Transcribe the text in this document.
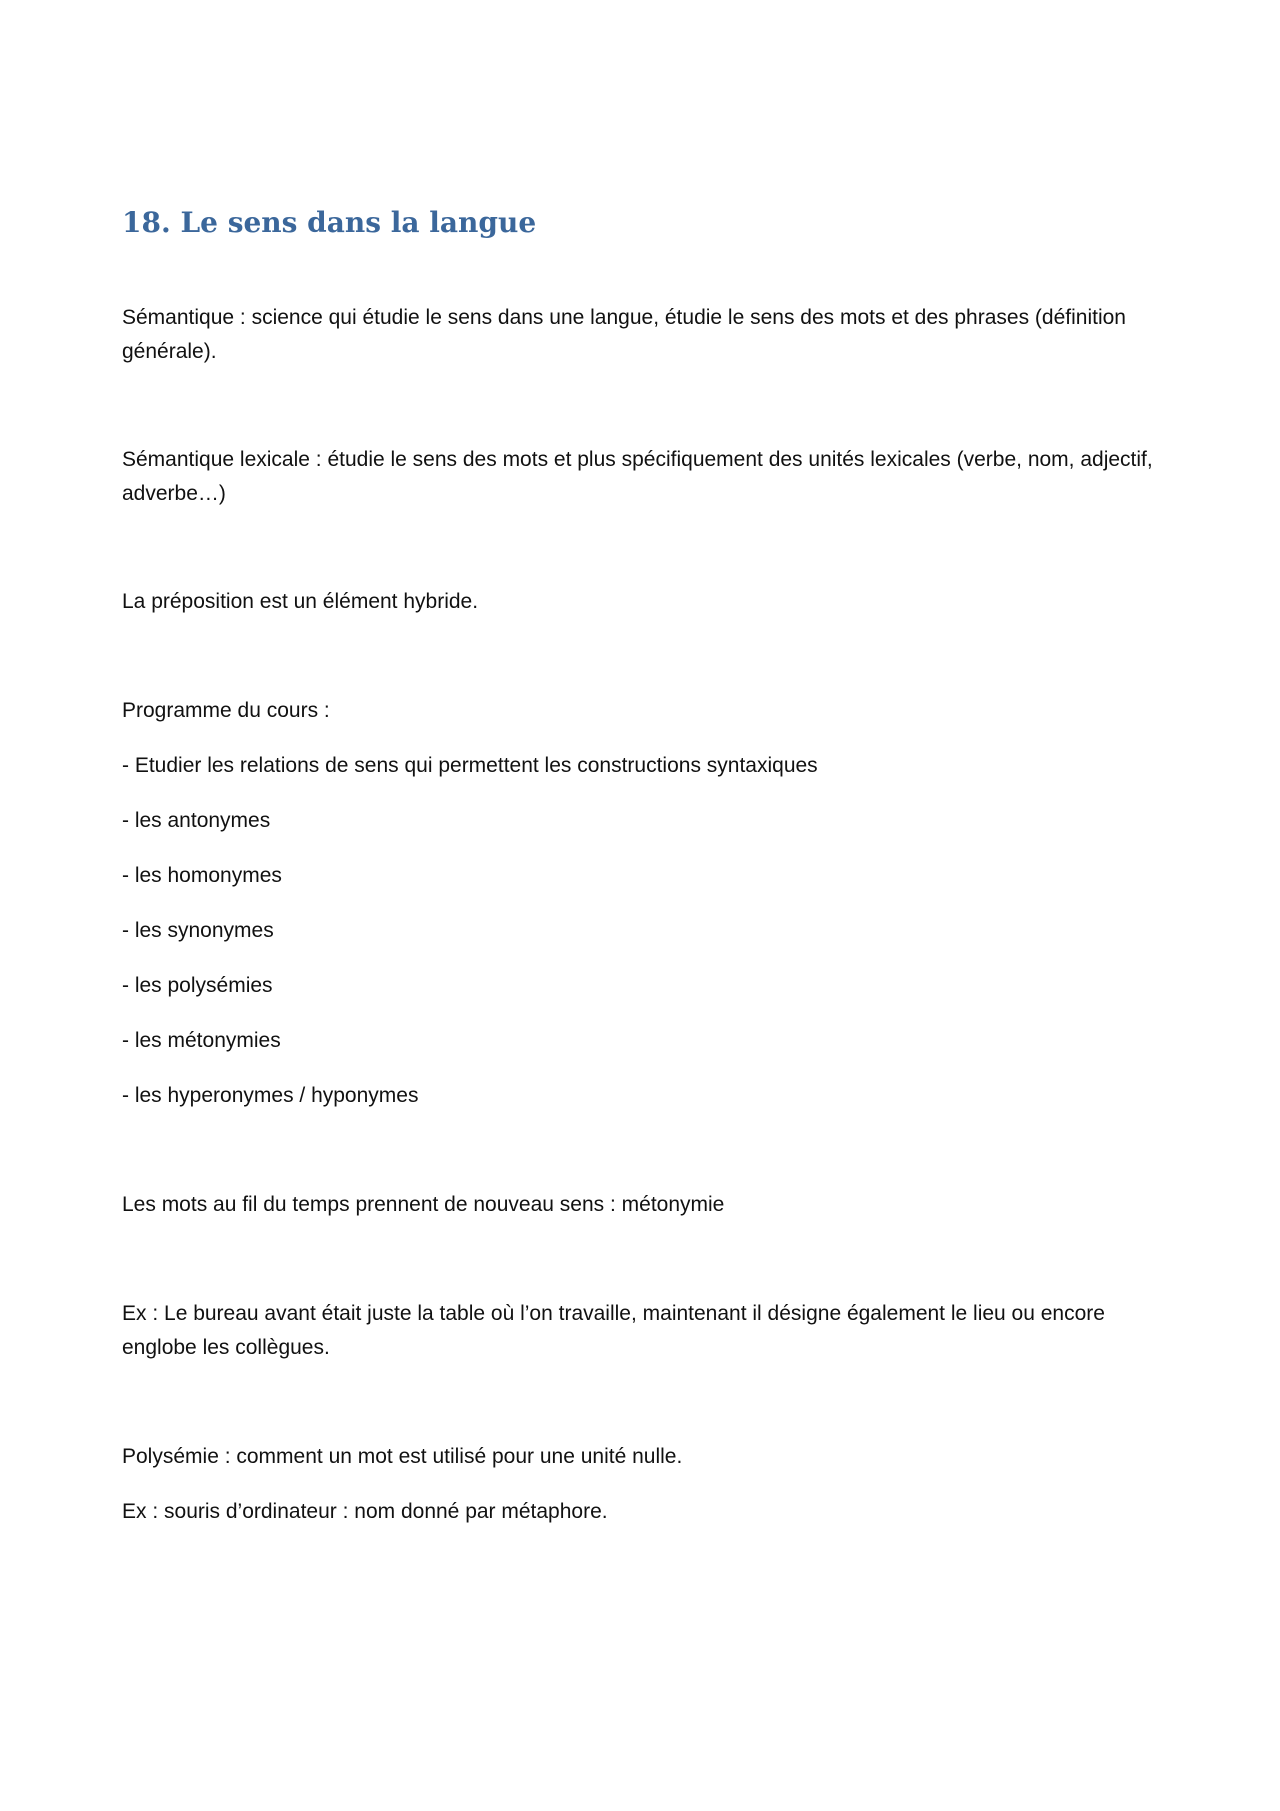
18. Le sens dans la langue

Sémantique : science qui étudie le sens dans une langue, étudie le sens des mots et des phrases (définition générale).

Sémantique lexicale : étudie le sens des mots et plus spécifiquement des unités lexicales (verbe, nom, adjectif, adverbe…)

La préposition est un élément hybride.

Programme du cours :

- Etudier les relations de sens qui permettent les constructions syntaxiques

- les antonymes

- les homonymes

- les synonymes

- les polysémies

- les métonymies

- les hyperonymes / hyponymes

Les mots au fil du temps prennent de nouveau sens : métonymie

Ex : Le bureau avant était juste la table où l’on travaille, maintenant il désigne également le lieu ou encore englobe les collègues.

Polysémie : comment un mot est utilisé pour une unité nulle.

Ex : souris d’ordinateur : nom donné par métaphore.
